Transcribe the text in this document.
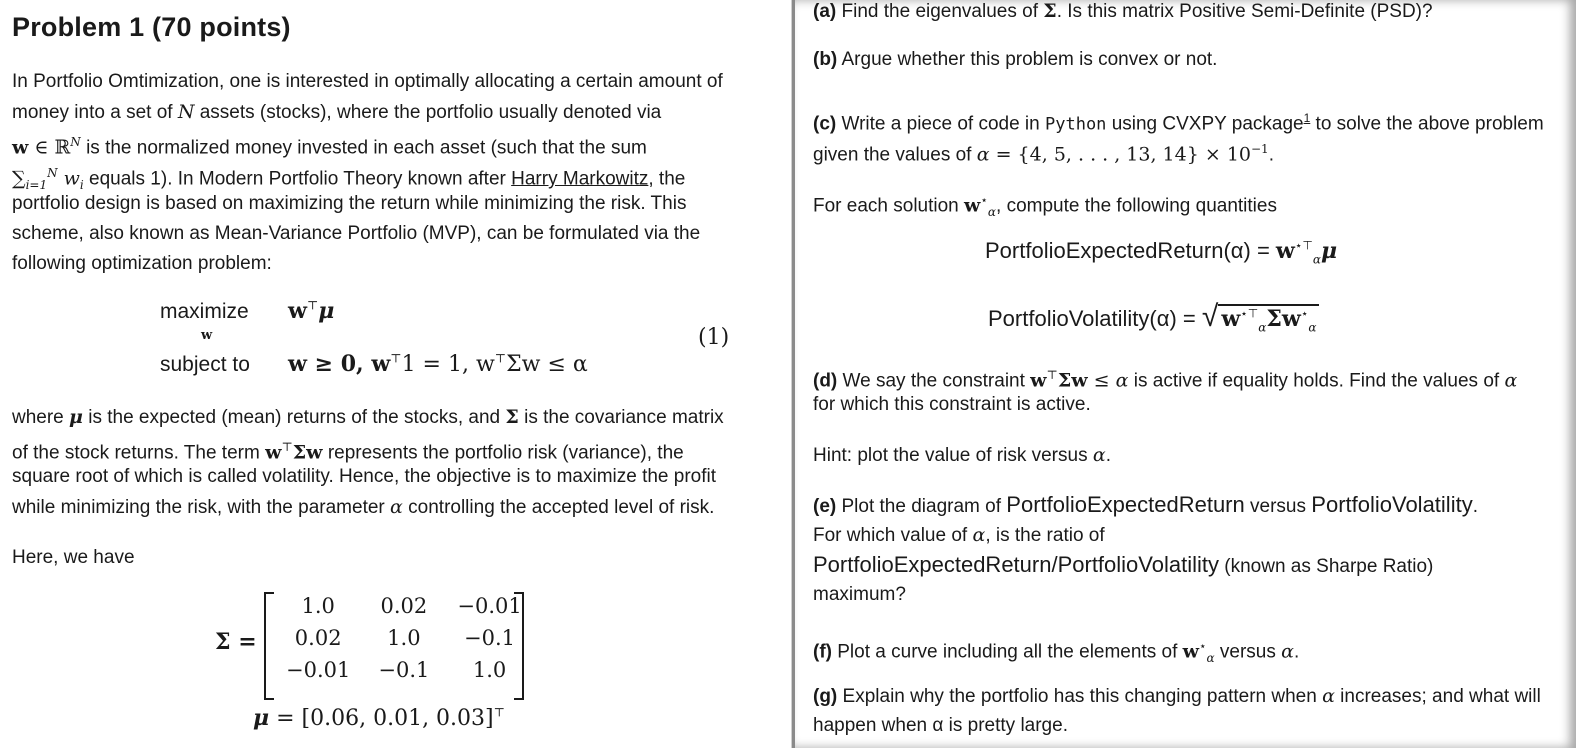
Problem 1 (70 points)
In Portfolio Omtimization, one is interested in optimally allocating a certain amount of
money into a set of N assets (stocks), where the portfolio usually denoted via
w ∈ ℝ$^N$ is the normalized money invested in each asset (such that the sum
$\sum_{i=1}^N$ $w_i$ equals 1). In Modern Portfolio Theory known after Harry Markowitz, the
portfolio design is based on maximizing the return while minimizing the risk. This
scheme, also known as Mean-Variance Portfolio (MVP), can be formulated via the
following optimization problem:
maximize
w
w⊤μ
subject to w ≥ 0, w⊤1 = 1, w⊤Σw ≤ α
(1)
where μ is the expected (mean) returns of the stocks, and Σ is the covariance matrix
of the stock returns. The term w⊤Σw represents the portfolio risk (variance), the
square root of which is called volatility. Hence, the objective is to maximize the profit
while minimizing the risk, with the parameter α controlling the accepted level of risk.
Here, we have
Σ =
1.0	0.02	−0.01
0.02	1.0	−0.1
−0.01	−0.1	1.0
μ = [0.06, 0.01, 0.03]⊤
(a) Find the eigenvalues of Σ. Is this matrix Positive Semi-Definite (PSD)?
(b) Argue whether this problem is convex or not.
(c) Write a piece of code in Python using CVXPY package$^1$ to solve the above problem
given the values of α = {4, 5, . . . , 13, $14\} \times 10^{-1}$.
For each solution $w^⋆_\alpha$, compute the following quantities
PortfolioExpectedReturn(α) = $w^{⋆⊤}_\alpha\mu$
PortfolioVolatility(α) = √ $w^{⋆⊤}_\alpha\Sigma w^⋆_\alpha$
(d) We say the constraint w⊤Σw ≤ α is active if equality holds. Find the values of α
for which this constraint is active.
Hint: plot the value of risk versus α.
(e) Plot the diagram of PortfolioExpectedReturn versus PortfolioVolatility.
For which value of α, is the ratio of
PortfolioExpectedReturn/PortfolioVolatility (known as Sharpe Ratio)
maximum?
(f) Plot a curve including all the elements of $w^⋆_\alpha$ versus α.
(g) Explain why the portfolio has this changing pattern when α increases; and what will
happen when α is pretty large.
